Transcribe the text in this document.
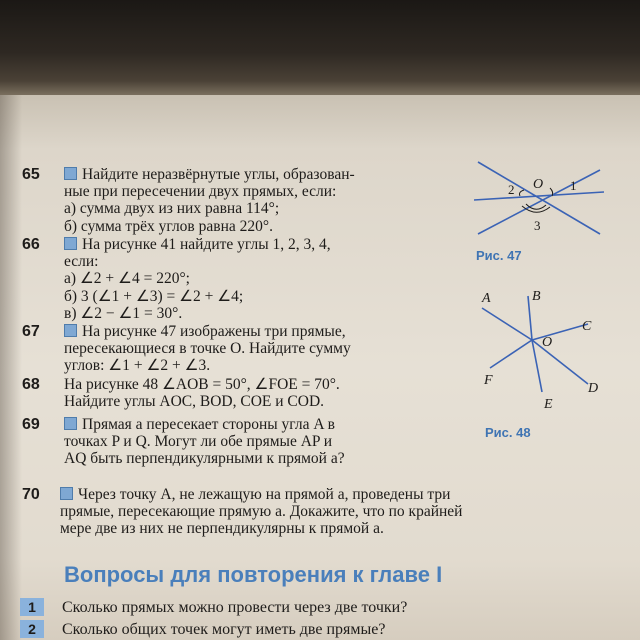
65	Найдите неразвёрнутые углы, образован-
ные при пересечении двух прямых, если:
а) сумма двух из них равна 114°;
б) сумма трёх углов равна 220°.
66	На рисунке 41 найдите углы 1, 2, 3, 4,
если:
а) ∠2 + ∠4 = 220°;
б) 3 (∠1 + ∠3) = ∠2 + ∠4;
в) ∠2 − ∠1 = 30°.
67	На рисунке 47 изображены три прямые,
пересекающиеся в точке O. Найдите сумму
углов: ∠1 + ∠2 + ∠3.
68 На рисунке 48 ∠AOB = 50°, ∠FOE = 70°.
Найдите углы AOC, BOD, COE и COD.
69	Прямая a пересекает стороны угла A в
точках P и Q. Могут ли обе прямые AP и
AQ быть перпендикулярными к прямой a?
70	Через точку A, не лежащую на прямой a, проведены три
прямые, пересекающие прямую a. Докажите, что по крайней
мере две из них не перпендикулярны к прямой a.
O
2	1
3
Рис. 47
A	B
C
O
F
D
E
Рис. 48
Вопросы для повторения к главе I
1 Сколько прямых можно провести через две точки?
2 Сколько общих точек могут иметь две прямые?
